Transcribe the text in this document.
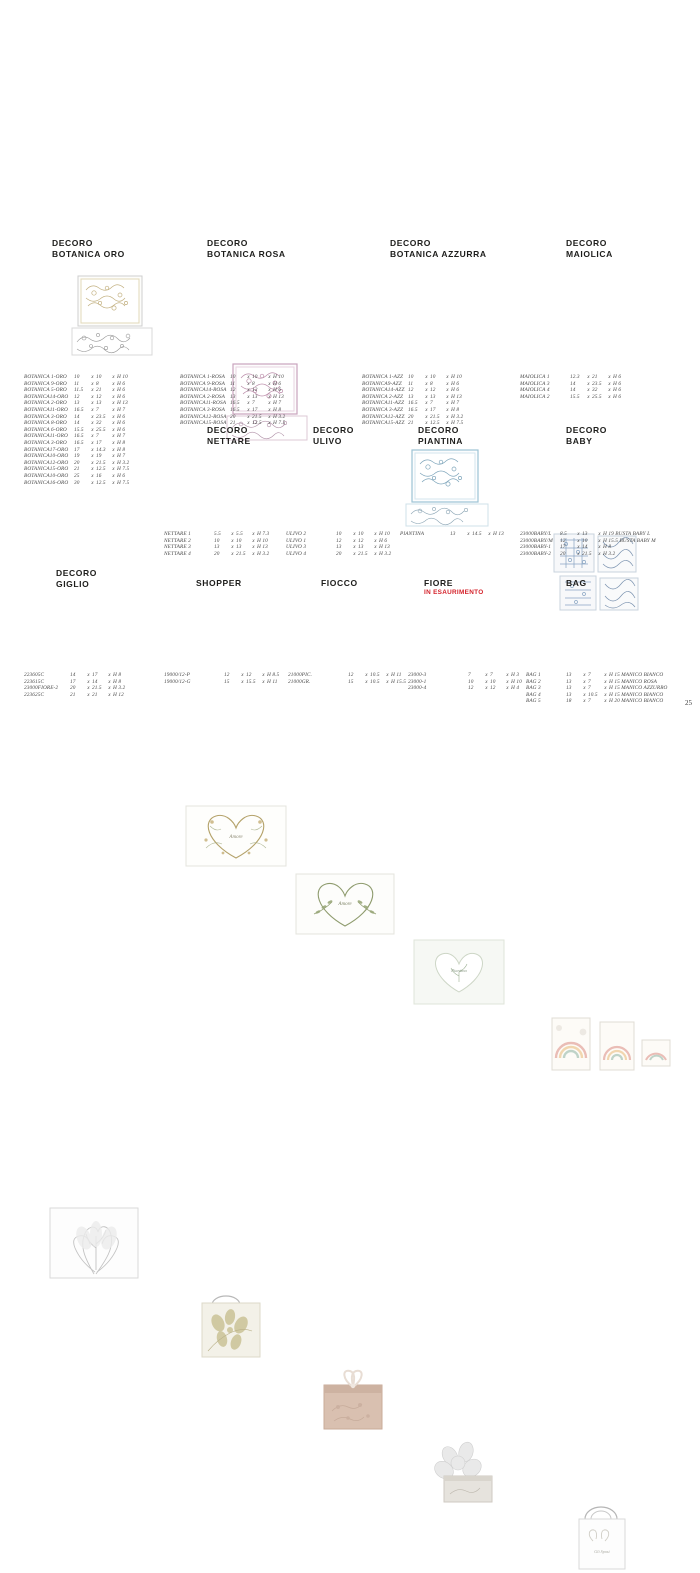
DECORO
BOTANICA ORO
BOTANICA 1-ORO	10	x 10	x H 10
BOTANICA 9-ORO	11	x 8	x H 6
BOTANICA 5-ORO	11.5	x 21	x H 6
BOTANICA14-ORO	12	x 12	x H 6
BOTANICA 2-ORO	13	x 13	x H 13
BOTANICA11-ORO	16.5	x 7	x H 7
BOTANICA 3-ORO	14	x 23.5	x H 6
BOTANICA 8-ORO	14	x 32	x H 6
BOTANICA 6-ORO	15.5	x 25.5	x H 6
BOTANICA11-ORO	16.5	x 7	x H 7
BOTANICA 3-ORO	16.5	x 17	x H 8
BOTANICA17-ORO	17	x 14.3	x H 8
BOTANICA10-ORO	19	x 19	x H 7
BOTANICA12-ORO	20	x 21.5	x H 3.2
BOTANICA15-ORO	21	x 12.5	x H 7.5
BOTANICA10-ORO	25	x 16	x H 6
BOTANICA16-ORO	30	x 12.5	x H 7.5
DECORO
BOTANICA ROSA
BOTANICA 1-ROSA 10	x 10	x H 10
BOTANICA 9-ROSA 11	x 8	x H 6
BOTANICA14-ROSA 12	x 12	x H 6
BOTANICA 2-ROSA 13	x 13	x H 13
BOTANICA11-ROSA 16.5	x 7	x H 7
BOTANICA 3-ROSA 16.5	x 17	x H 8
BOTANICA12-ROSA 20	x 21.5	x H 3.2
BOTANICA15-ROSA 21	x 12.5	x H 7.5
DECORO
BOTANICA AZZURRA
BOTANICA 1-AZZ 10	x 10	x H 10
BOTANICA9-AZZ	11	x 8	x H 6
BOTANICA14-AZZ 12	x 12	x H 6
BOTANICA 2-AZZ 13	x 13	x H 13
BOTANICA11-AZZ 16.5	x 7	x H 7
BOTANICA 3-AZZ 16.5	x 17	x H 8
BOTANICA12-AZZ 20	x 21.5	x H 3.2
BOTANICA15-AZZ 21	x 12.5	x H 7.5
DECORO
MAIOLICA
MAIOLICA 1	12.3	x 21	x H 6
MAIOLICA 3	14	x 23.5	x H 6
MAIOLICA 4	14	x 32	x H 6
MAIOLICA 2	15.5	x 25.5	x H 6
DECORO
NETTARE
Amore
NETTARE 1	5.5	x 5.5	x H 7.3
NETTARE 2	10	x 10	x H 10
NETTARE 3	13	x 13	x H 13
NETTARE 4	20	x 21.5	x H 3.2
DECORO
ULIVO
Amore
ULIVO 2	10	x 10	x H 10
ULIVO 1	12	x 12	x H 6
ULIVO 3	13	x 13	x H 13
ULIVO 4	20	x 21.5	x H 3.2
DECORO
PIANTINA
Piantina
PIANTINA	13	x 14.5	x H 13
DECORO
BABY
23000BABY/L	8.5	x 13	x H 19 BUSTA BABY L
23000BABY/M	12	x 10	x H 15.5 BUSTA BABY M
23000BABY-1	17	x 14	x H 8
23000BABY-2	20	x 21.5	x H 3.2
DECORO
GIGLIO
223605C	14	x 17	x H 8
223615C	17	x 14	x H 8
23000FIORE-2	20	x 21.5	x H 3.2
223625C	21	x 21	x H 12
SHOPPER
19000/12-P	12	x 12	x H 8.5
19000/12-G	15	x 15.5	x H 11
FIOCCO
21000PIC.	12	x 10.5	x H 11
21000GR.	15	x 10.5	x H 15.5
FIORE
IN ESAURIMENTO
23000-3	7	x 7	x H 3
23000-1	10	x 10	x H 10
23000-4	12	x 12	x H 4
BAG
Gli Sposi
BAG 1	13	x 7	x H 15 MANICO BIANCO
BAG 2	13	x 7	x H 15 MANICO ROSA
BAG 3	13	x 7	x H 15 MANICO AZZURRO
BAG 4	13	x 10.5	x H 15 MANICO BIANCO
BAG 5	18	x 7	x H 20 MANICO BIANCO	25
